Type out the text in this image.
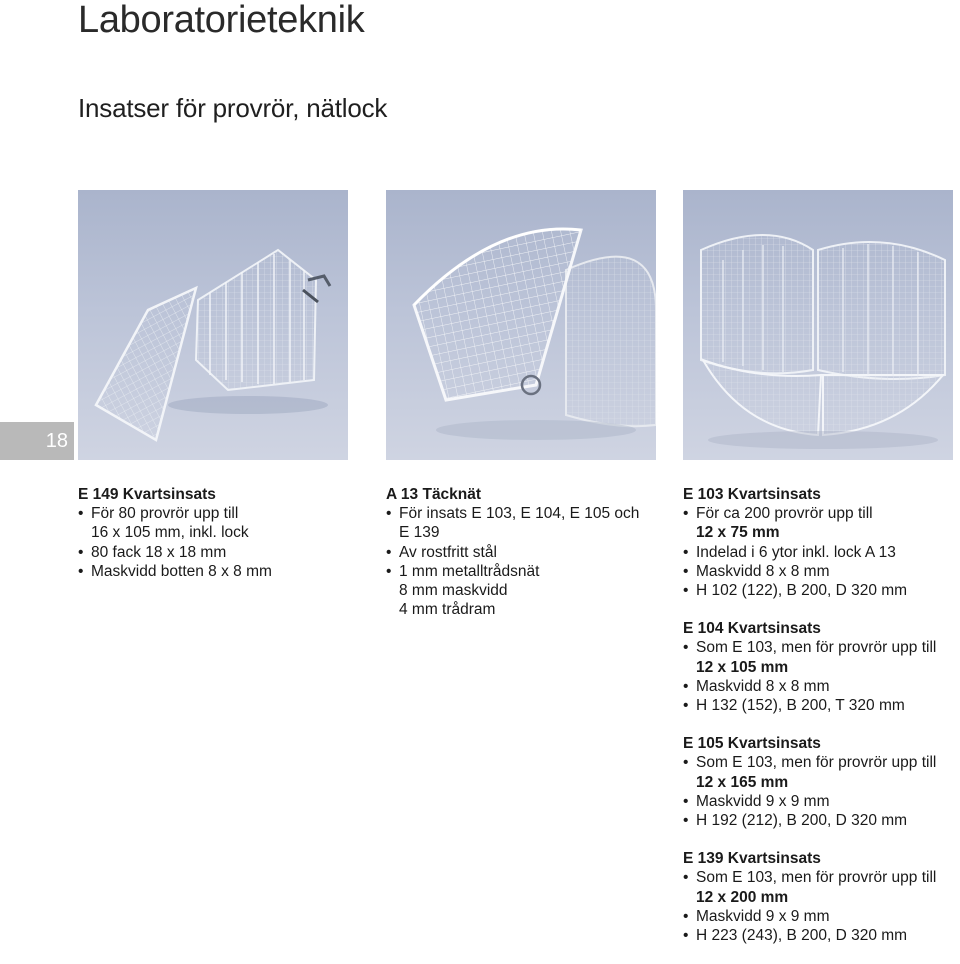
Laboratorieteknik
Insatser för provrör, nätlock
18
E 149 Kvartsinsats
• För 80 provrör upp till
16 x 105 mm, inkl. lock
• 80 fack 18 x 18 mm
• Maskvidd botten 8 x 8 mm
A 13 Täcknät
• För insats E 103, E 104, E 105 och
E 139
• Av rostfritt stål
• 1 mm metalltrådsnät
8 mm maskvidd
4 mm trådram
E 103 Kvartsinsats
• För ca 200 provrör upp till
12 x 75 mm
• Indelad i 6 ytor inkl. lock A 13
• Maskvidd 8 x 8 mm
• H 102 (122), B 200, D 320 mm
E 104 Kvartsinsats
• Som E 103, men för provrör upp till
12 x 105 mm
• Maskvidd 8 x 8 mm
• H 132 (152), B 200, T 320 mm
E 105 Kvartsinsats
• Som E 103, men för provrör upp till
12 x 165 mm
• Maskvidd 9 x 9 mm
• H 192 (212), B 200, D 320 mm
E 139 Kvartsinsats
• Som E 103, men för provrör upp till
12 x 200 mm
• Maskvidd 9 x 9 mm
• H 223 (243), B 200, D 320 mm
